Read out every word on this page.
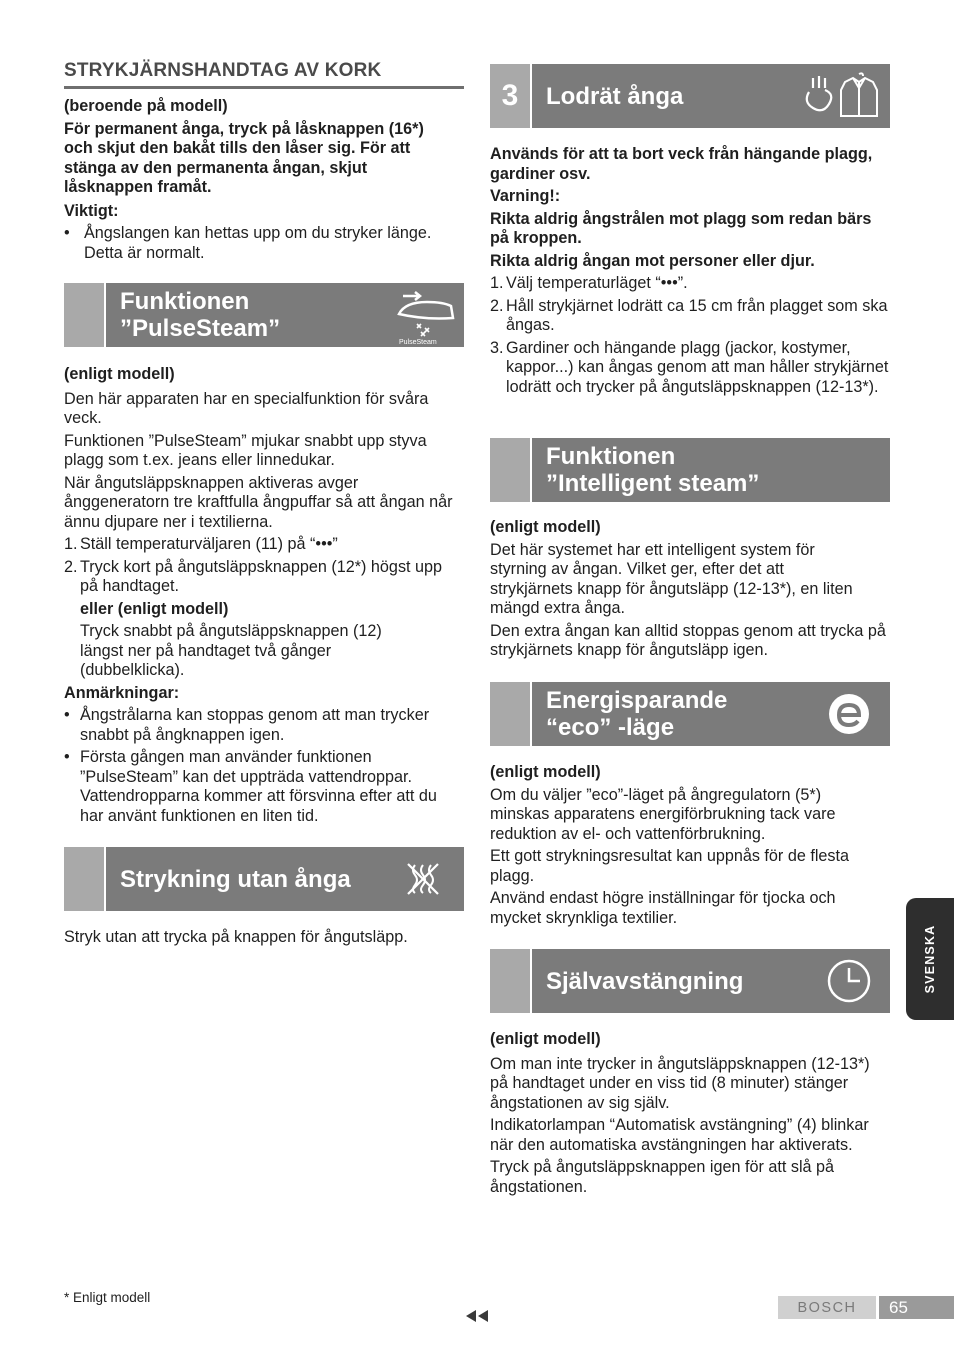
STRYKJÄRNSHANDTAG AV KORK

(beroende på modell)

För permanent ånga, tryck på låsknappen (16*) och skjut den bakåt tills den låser sig. För att stänga av den permanenta ångan, skjut låsknappen framåt.

Viktigt:

• Ångslangen kan hettas upp om du stryker länge. Detta är normalt.

Funktionen
”PulseSteam”
PulseSteam

(enligt modell)

Den här apparaten har en specialfunktion för svåra veck.

Funktionen ”PulseSteam” mjukar snabbt upp styva plagg som t.ex. jeans eller linnedukar.

När ångutsläppsknappen aktiveras avger ånggeneratorn tre kraftfulla ångpuffar så att ångan når ännu djupare ner i textilierna.

1. Ställ temperaturväljaren (11) på “•••”

2. Tryck kort på ångutsläppsknappen (12*) högst upp på handtaget.

eller (enligt modell)

Tryck snabbt på ångutsläppsknappen (12) längst ner på handtaget två gånger (dubbelklicka).

Anmärkningar:

• Ångstrålarna kan stoppas genom att man trycker snabbt på ångknappen igen.

• Första gången man använder funktionen ”PulseSteam” kan det uppträda vattendroppar. Vattendropparna kommer att försvinna efter att du har använt funktionen en liten tid.

Strykning utan ånga

Stryk utan att trycka på knappen för ångutsläpp.

3	Lodrät ånga

Används för att ta bort veck från hängande plagg, gardiner osv.

Varning!:

Rikta aldrig ångstrålen mot plagg som redan bärs på kroppen.

Rikta aldrig ångan mot personer eller djur.

1. Välj temperaturläget “•••”.

2. Håll strykjärnet lodrätt ca 15 cm från plagget som ska ångas.

3. Gardiner och hängande plagg (jackor, kostymer, kappor...) kan ångas genom att man håller strykjärnet lodrätt och trycker på ångutsläppsknappen (12-13*).

Funktionen
”Intelligent steam”

(enligt modell)

Det här systemet har ett intelligent system för styrning av ångan. Vilket ger, efter det att strykjärnets knapp för ångutsläpp (12-13*), en liten mängd extra ånga.

Den extra ångan kan alltid stoppas genom att trycka på strykjärnets knapp för ångutsläpp igen.

Energisparande
“eco” -läge

(enligt modell)

Om du väljer ”eco”-läget på ångregulatorn (5*) minskas apparatens energiförbrukning tack vare reduktion av el- och vattenförbrukning.

Ett gott strykningsresultat kan uppnås för de flesta plagg.

Använd endast högre inställningar för tjocka och mycket skrynkliga textilier.

Självavstängning

(enligt modell)

Om man inte trycker in ångutsläppsknappen (12-13*) på handtaget under en viss tid (8 minuter) stänger ångstationen av sig själv.

Indikatorlampan “Automatisk avstängning” (4) blinkar när den automatiska avstängningen har aktiverats.

Tryck på ångutsläppsknappen igen för att slå på ångstationen.

SVENSKA
* Enligt modell
BOSCH	65
